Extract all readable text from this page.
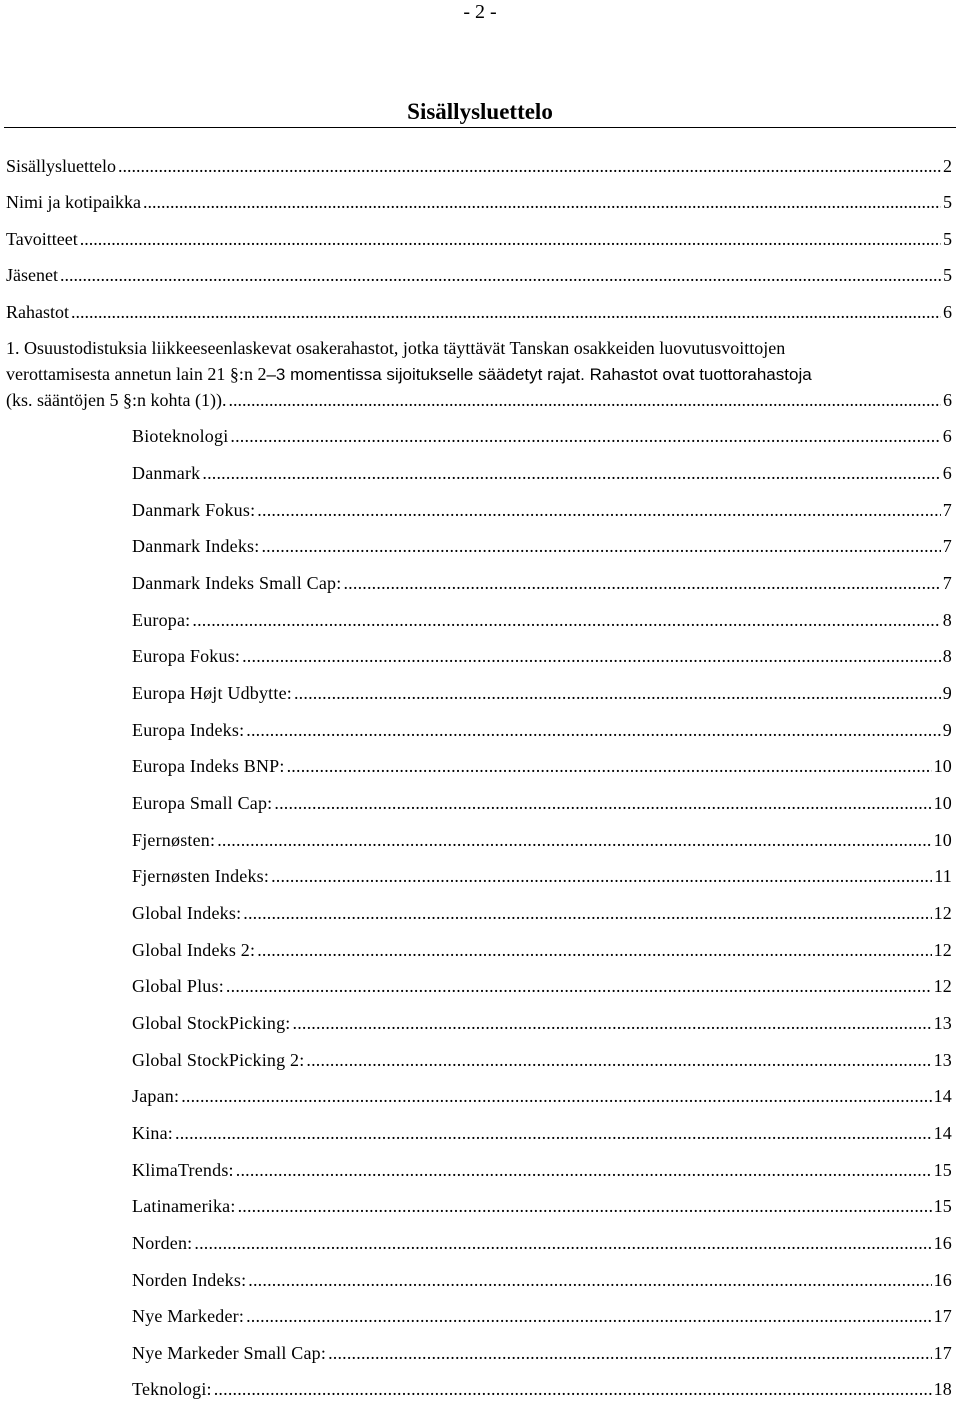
- 2 -
Sisällysluettelo
Sisällysluettelo .....	2
Nimi ja kotipaikka .....	5
Tavoitteet .....	5
Jäsenet .....	5
Rahastot .....	6
1. Osuustodistuksia liikkeeseenlaskevat osakerahastot, jotka täyttävät Tanskan osakkeiden luovutusvoittojen
verottamisesta annetun lain 21 §:n 2–3 momentissa sijoitukselle säädetyt rajat. Rahastot ovat tuottorahastoja
(ks. sääntöjen 5 §:n kohta (1)). .....	6
Bioteknologi .....	6
Danmark .....	6
Danmark Fokus: .....	7
Danmark Indeks: .....	7
Danmark Indeks Small Cap: .....	7
Europa: .....	8
Europa Fokus: .....	8
Europa Højt Udbytte: .....	9
Europa Indeks: .....	9
Europa Indeks BNP: .....	10
Europa Small Cap: .....	10
Fjernøsten: .....	10
Fjernøsten Indeks: .....	11
Global Indeks: .....	12
Global Indeks 2: .....	12
Global Plus: .....	12
Global StockPicking: .....	13
Global StockPicking 2: .....	13
Japan: .....	14
Kina: .....	14
KlimaTrends: .....	15
Latinamerika: .....	15
Norden: .....	16
Norden Indeks: .....	16
Nye Markeder: .....	17
Nye Markeder Small Cap: .....	17
Teknologi: .....	18
